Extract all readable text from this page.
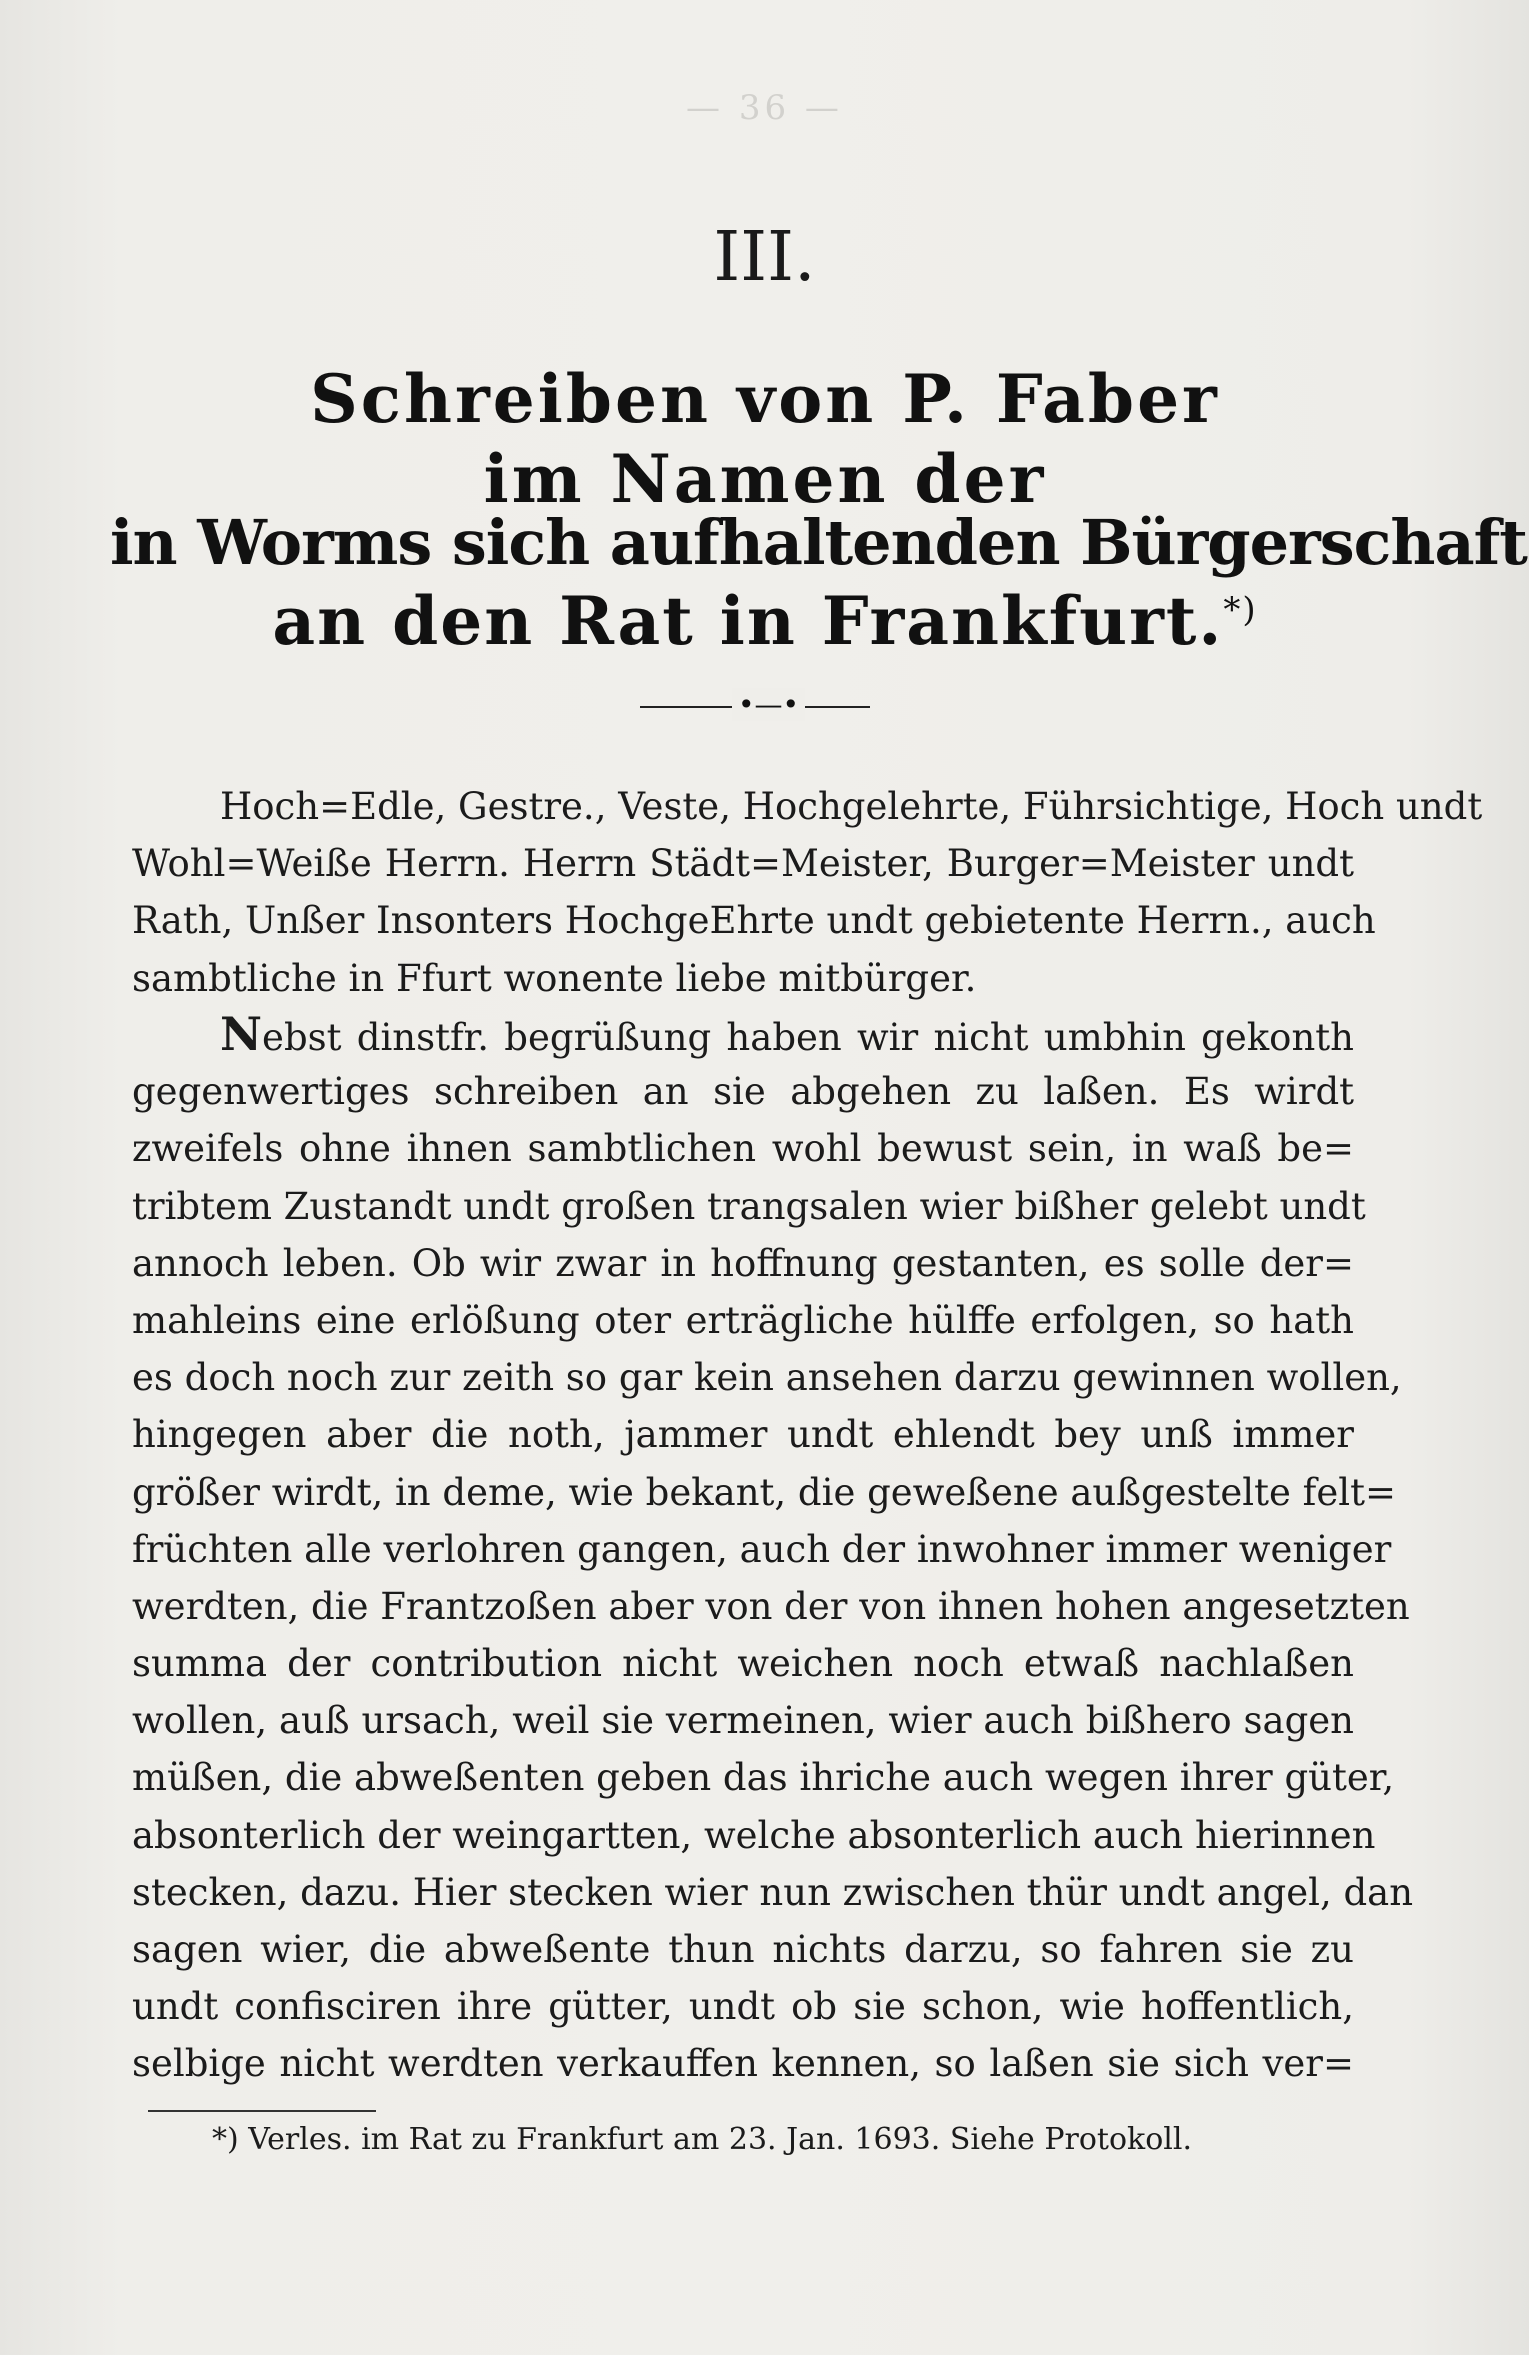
— 36 —
III.
Schreiben von P. Faber
im Namen der
in Worms sich aufhaltenden Bürgerschaft
an den Rat in Frankfurt.*)
•—•
Hoch=Edle, Gestre., Veste, Hochgelehrte, Führsichtige, Hoch undt
Wohl=Weiße Herrn. Herrn Städt=Meister, Burger=Meister undt
Rath, Unßer Insonters HochgeEhrte undt gebietente Herrn., auch
sambtliche in Ffurt wonente liebe mitbürger.
Nebst dinstfr. begrüßung haben wir nicht umbhin gekonth
gegenwertiges schreiben an sie abgehen zu laßen. Es wirdt
zweifels ohne ihnen sambtlichen wohl bewust sein, in waß be=
tribtem Zustandt undt großen trangsalen wier bißher gelebt undt
annoch leben. Ob wir zwar in hoffnung gestanten, es solle der=
mahleins eine erlößung oter erträgliche hülffe erfolgen, so hath
es doch noch zur zeith so gar kein ansehen darzu gewinnen wollen,
hingegen aber die noth, jammer undt ehlendt bey unß immer
größer wirdt, in deme, wie bekant, die geweßene außgestelte felt=
früchten alle verlohren gangen, auch der inwohner immer weniger
werdten, die Frantzoßen aber von der von ihnen hohen angesetzten
summa der contribution nicht weichen noch etwaß nachlaßen
wollen, auß ursach, weil sie vermeinen, wier auch bißhero sagen
müßen, die abweßenten geben das ihriche auch wegen ihrer güter,
absonterlich der weingartten, welche absonterlich auch hierinnen
stecken, dazu. Hier stecken wier nun zwischen thür undt angel, dan
sagen wier, die abweßente thun nichts darzu, so fahren sie zu
undt confisciren ihre gütter, undt ob sie schon, wie hoffentlich,
selbige nicht werdten verkauffen kennen, so laßen sie sich ver=
*) Verles. im Rat zu Frankfurt am 23. Jan. 1693. Siehe Protokoll.
